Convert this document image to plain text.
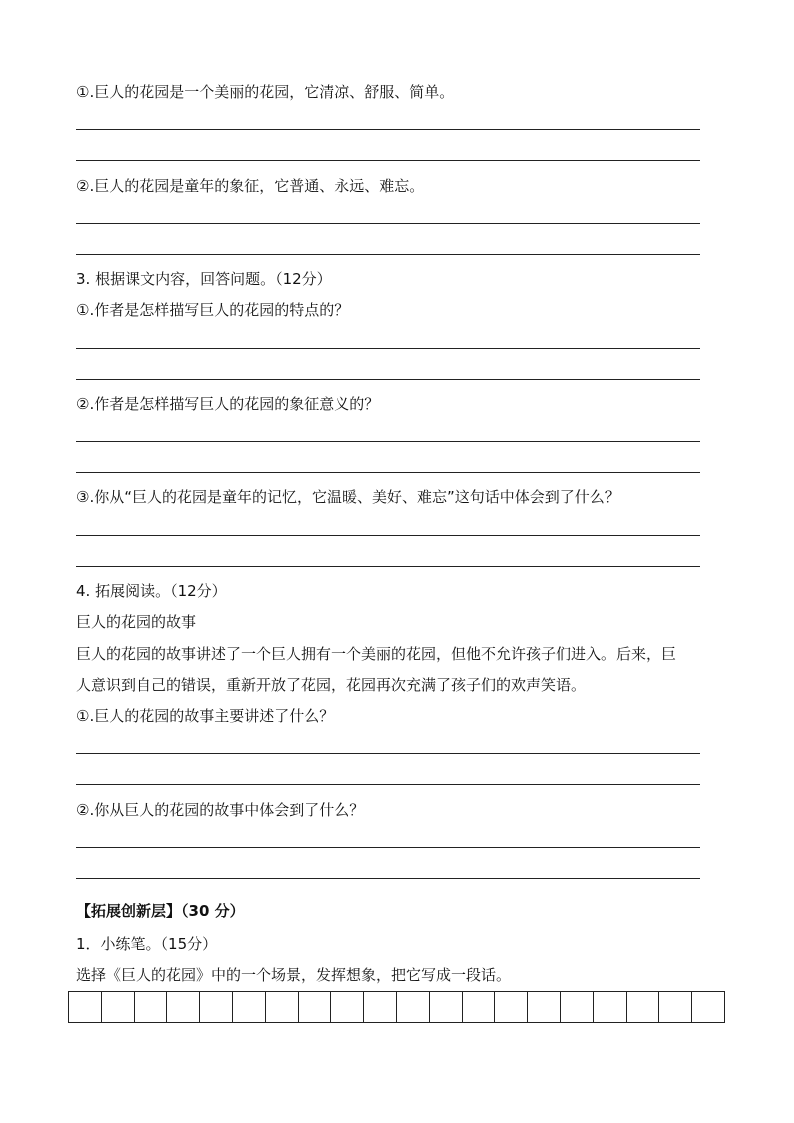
①.巨人的花园是一个美丽的花园，它清凉、舒服、简单。
②.巨人的花园是童年的象征，它普通、永远、难忘。
3. 根据课文内容，回答问题。（12分）
①.作者是怎样描写巨人的花园的特点的？
②.作者是怎样描写巨人的花园的象征意义的？
③.你从“巨人的花园是童年的记忆，它温暖、美好、难忘”这句话中体会到了什么？
4. 拓展阅读。（12分）
巨人的花园的故事
巨人的花园的故事讲述了一个巨人拥有一个美丽的花园，但他不允许孩子们进入。后来，巨
人意识到自己的错误，重新开放了花园，花园再次充满了孩子们的欢声笑语。
①.巨人的花园的故事主要讲述了什么？
②.你从巨人的花园的故事中体会到了什么？
【拓展创新层】（30 分）
1．小练笔。（15分）
选择《巨人的花园》中的一个场景，发挥想象，把它写成一段话。
